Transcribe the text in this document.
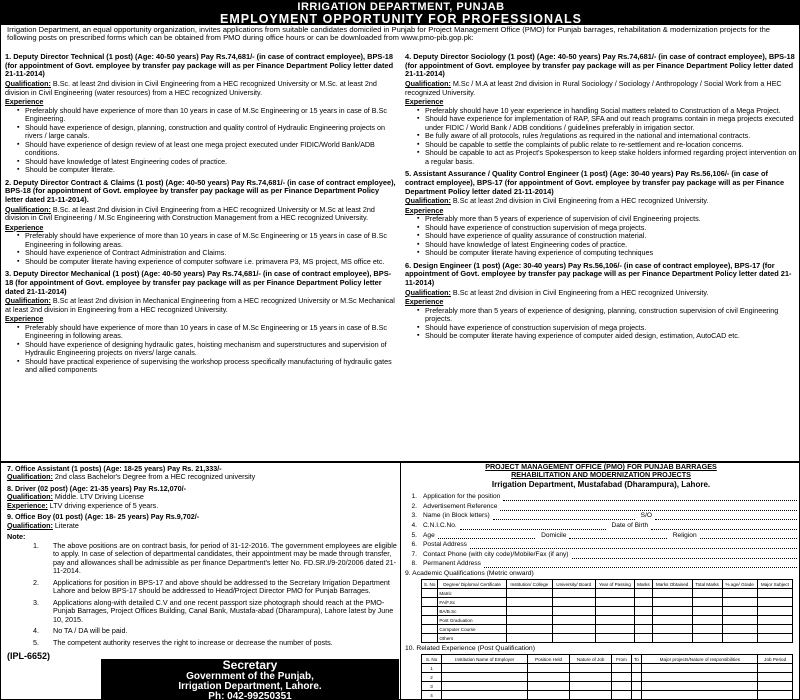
IRRIGATION DEPARTMENT, PUNJAB
EMPLOYMENT OPPORTUNITY FOR PROFESSIONALS
Irrigation Department, an equal opportunity organization, invites applications from suitable candidates domiciled in Punjab for Project Management Office (PMO) for Punjab barrages, rehabilitation & modernization projects for the following posts on prescribed forms which can be obtained from PMO during office hours or can be downloaded from www.pmo-pib.gop.pk:
1. Deputy Director Technical (1 post) (Age: 40-50 years) Pay Rs.74,681/- (in case of contract employee), BPS-18 (for appointment of Govt. employee by transfer pay package will as per Finance Department Policy letter dated 21-11-2014)
Qualification: B.Sc. at least 2nd division in Civil Engineering from a HEC recognized University or M.Sc. at least 2nd division in Civil Engineering (water resources) from a HEC recognized University.
Experience
▪ Preferably should have experience of more than 10 years in case of M.Sc Engineering or 15 years in case of B.Sc Engineering.
▪ Should have experience of design, planning, construction and quality control of Hydraulic Engineering projects on rivers / large canals.
▪ Should have experience of design review of at least one mega project executed under FIDIC/World Bank/ADB conditions.
▪ Should have knowledge of latest Engineering codes of practice.
▪ Should be computer literate.
2. Deputy Director Contract & Claims (1 post) (Age: 40-50 years) Pay Rs.74,681/- (in case of contract employee), BPS-18 (for appointment of Govt. employee by transfer pay package will as per Finance Department Policy letter dated 21-11-2014).
Qualification: B.Sc. at least 2nd division in Civil Engineering from a HEC recognized University or M.Sc at least 2nd division in Civil Engineering / M.Sc Engineering with Construction Management from a HEC recognized University.
Experience
▪ Preferably should have experience of more than 10 years in case of M.Sc Engineering or 15 years in case of B.Sc Engineering in following areas.
▪ Should have experience of Contract Administration and Claims.
▪ Should be computer literate having experience of computer software i.e. primavera P3, MS project, MS office etc.
3. Deputy Director Mechanical (1 post) (Age: 40-50 years) Pay Rs.74,681/- (in case of contract employee), BPS-18 (for appointment of Govt. employee by transfer pay package will as per Finance Department Policy letter dated 21-11-2014)
Qualification: B.Sc at least 2nd division in Mechanical Engineering from a HEC recognized University or M.Sc Mechanical at least 2nd division in Engineering from a HEC recognized University.
Experience
▪ Preferably should have experience of more than 10 years in case of M.Sc Engineering or 15 years in case of B.Sc Engineering in following areas.
▪ Should have experience of designing hydraulic gates, hoisting mechanism and superstructures and supervision of Hydraulic Engineering projects on rivers/ large canals.
▪ Should have practical experience of supervising the workshop process specifically manufacturing of hydraulic gates and allied components
4. Deputy Director Sociology (1 post) (Age: 40-50 years) Pay Rs.74,681/- (in case of contract employee), BPS-18 (for appointment of Govt. employee by transfer pay package will as per Finance Department Policy letter dated 21-11-2014)
Qualification: M.Sc / M.A at least 2nd division in Rural Sociology / Sociology / Anthropology / Social Work from a HEC recognized University.
Experience
▪ Preferably should have 10 year experience in handling Social matters related to Construction of a Mega Project.
▪ Should have experience for implementation of RAP, SFA and out reach programs contain in mega projects executed under FIDIC / World Bank / ADB conditions / guidelines preferably in irrigation sector.
▪ Be fully aware of all protocols, rules /regulations as required in the national and international contracts.
▪ Should be capable to settle the complaints of public relate to re-settlement and re-location concerns.
▪ Should be capable to act as Project's Spokesperson to keep stake holders informed regarding project intervention on a regular basis.
5. Assistant Assurance / Quality Control Engineer (1 post) (Age: 30-40 years) Pay Rs.56,106/- (in case of contract employee), BPS-17 (for appointment of Govt. employee by transfer pay package will as per Finance Department Policy letter dated 21-11-2014)
Qualification: B.Sc at least 2nd division in Civil Engineering from a HEC recognized University.
Experience
▪ Preferably more than 5 years of experience of supervision of civil Engineering projects.
▪ Should have experience of construction supervision of mega projects.
▪ Should have experience of quality assurance of construction material.
▪ Should have knowledge of latest Engineering codes of practice.
▪ Should be computer literate having experience of computing techniques
6. Design Engineer (1 post) (Age: 30-40 years) Pay Rs.56,106/- (in case of contract employee), BPS-17 (for appointment of Govt. employee by transfer pay package will as per Finance Department Policy letter dated 21-11-2014)
Qualification: B.Sc at least 2nd division in Civil Engineering from a HEC recognized University.
Experience
▪ Preferably more than 5 years of experience of designing, planning, construction supervision of civil Engineering projects.
▪ Should have experience of construction supervision of mega projects.
▪ Should be computer literate having experience of computer aided design, estimation, AutoCAD etc.
7. Office Assistant (1 posts) (Age: 18-25 years) Pay Rs. 21,333/-
Qualification: 2nd class Bachelor's Degree from a HEC recognized university
8. Driver (02 post) (Age: 21-35 years) Pay Rs.12,070/-
Qualification: Middle. LTV Driving License
Experience: LTV driving experience of 5 years.
9. Office Boy (01 post) (Age: 18- 25 years) Pay Rs.9,702/-
Qualification: Literate
Note:
1. The above positions are on contract basis, for period of 31-12-2016. The government employees are eligible to apply. In case of selection of departmental candidates, their appointment may be made through transfer, pay and allowances shall be admissible as per finance Department's letter No. FD.SR.I/9-20/2006 dated 21-11-2014.
2. Applications for position in BPS-17 and above should be addressed to the Secretary Irrigation Department Lahore and below BPS-17 should be addressed to Head/Project Director PMO for Punjab Barrages.
3. Applications along-with detailed C.V and one recent passport size photograph should reach at the PMO-Punjab Barrages, Project Offices Building, Canal Bank, Mustafa-abad (Dharampura), Lahore latest by June 10, 2015.
4. No TA / DA will be paid.
5. The competent authority reserves the right to increase or decrease the number of posts.
(IPL-6652)
Secretary
Government of the Punjab,
Irrigation Department, Lahore.
Ph: 042-99250351
PROJECT MANAGEMENT OFFICE (PMO) FOR PUNJAB BARRAGES
REHABILITATION AND MODERNIZATION PROJECTS
Irrigation Department, Mustafabad (Dharampura), Lahore.
1. Application for the position
2. Advertisement Reference
3. Name (in Block letters)	S/O
4. C.N.I.C.No.	Date of Birth
5. Age	Domicile	Religion
6. Postal Address
7. Contact Phone (with city code)/Mobile/Fax (if any)
8. Permanent Address
9. Academic Qualifications (Metric onward)
S. No	Degree/ Diploma/ Certificate	Institution/ College	University/ Board	Year of Passing	Marks	Marks Obtained	Total Marks	% age/ Grade	Major Subject
	Matric								
	FA/F.Sc								
	BA/B.Sc								
	Post Graduation								
	Computer Course								
	Others								
10. Related Experience (Post Qualification)
S. No	Institution Name of Employer	Position Held	Nature of Job	From	To	Major projects/Nature of responsibilities	Job Period
1							
2							
3							
4							
